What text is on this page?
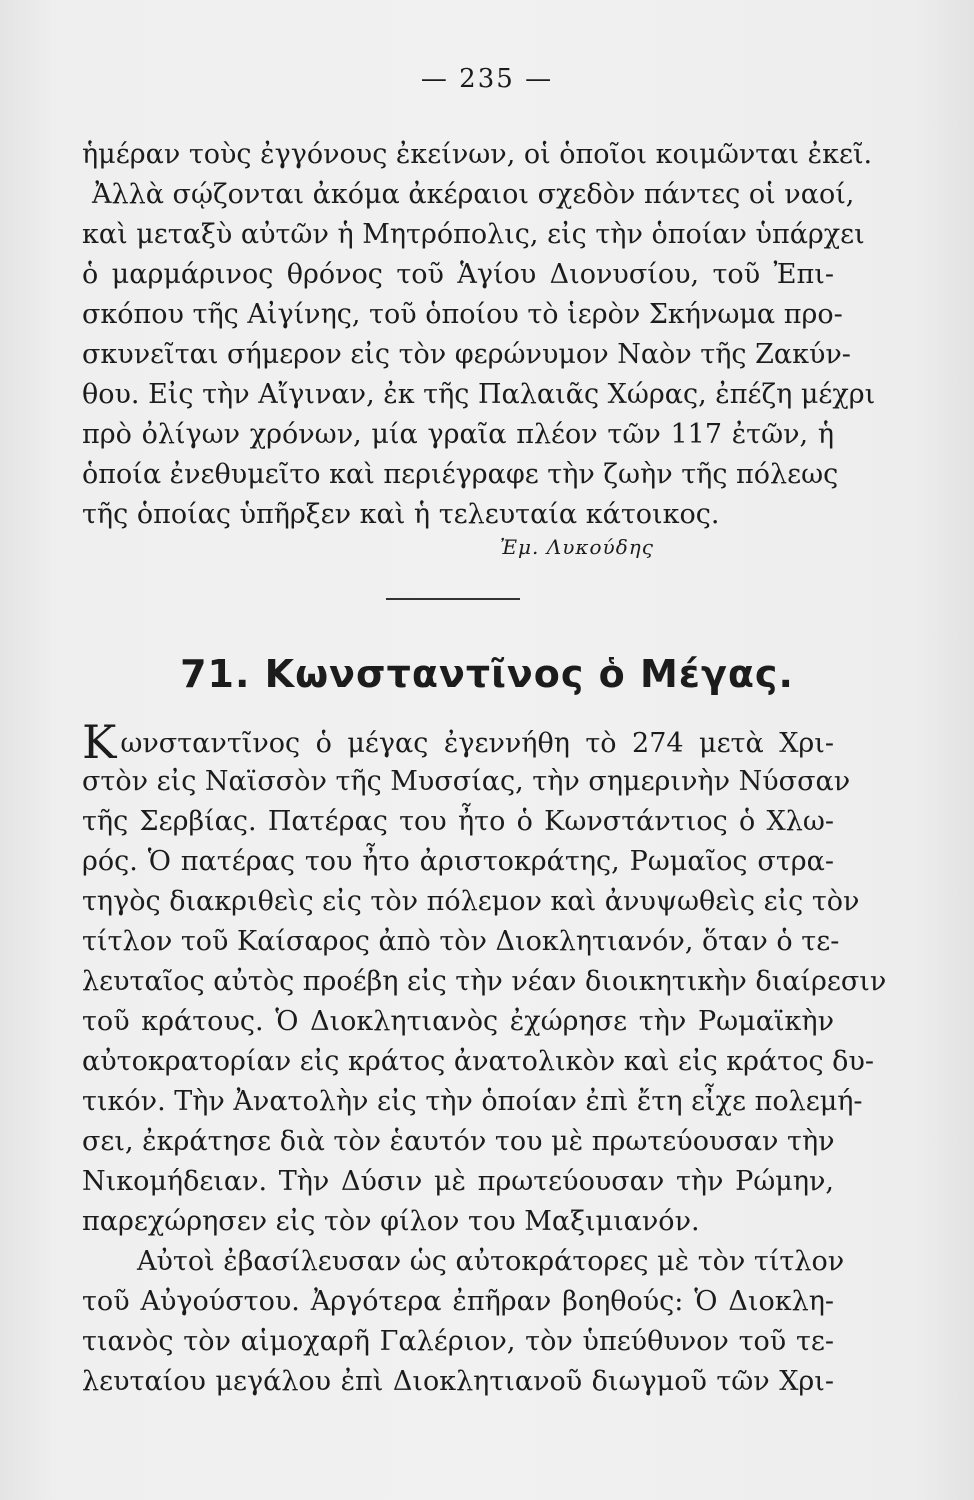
— 235 —
ἡμέραν τοὺς ἐγγόνους ἐκείνων, οἱ ὁποῖοι κοιμῶνται ἐκεῖ.
Ἀλλὰ σῴζονται ἀκόμα ἀκέραιοι σχεδὸν πάντες οἱ ναοί,
καὶ μεταξὺ αὐτῶν ἡ Μητρόπολις, εἰς τὴν ὁποίαν ὑπάρχει
ὁ μαρμάρινος θρόνος τοῦ Ἁγίου Διονυσίου, τοῦ Ἐπι-
σκόπου τῆς Αἰγίνης, τοῦ ὁποίου τὸ ἱερὸν Σκήνωμα προ-
σκυνεῖται σήμερον εἰς τὸν φερώνυμον Ναὸν τῆς Ζακύν-
θου. Εἰς τὴν Αἴγιναν, ἐκ τῆς Παλαιᾶς Χώρας, ἐπέζη μέχρι
πρὸ ὀλίγων χρόνων, μία γραῖα πλέον τῶν 117 ἐτῶν, ἡ
ὁποία ἐνεθυμεῖτο καὶ περιέγραφε τὴν ζωὴν τῆς πόλεως
τῆς ὁποίας ὑπῆρξεν καὶ ἡ τελευταία κάτοικος.
Ἐμ. Λυκούδης
71. Κωνσταντῖνος ὁ Μέγας.
Κωνσταντῖνος ὁ μέγας ἐγεννήθη τὸ 274 μετὰ Χρι-
στὸν εἰς Ναϊσσὸν τῆς Μυσσίας, τὴν σημερινὴν Νύσσαν
τῆς Σερβίας. Πατέρας του ἦτο ὁ Κωνστάντιος ὁ Χλω-
ρός. Ὁ πατέρας του ἦτο ἀριστοκράτης, Ρωμαῖος στρα-
τηγὸς διακριθεὶς εἰς τὸν πόλεμον καὶ ἀνυψωθεὶς εἰς τὸν
τίτλον τοῦ Καίσαρος ἀπὸ τὸν Διοκλητιανόν, ὅταν ὁ τε-
λευταῖος αὐτὸς προέβη εἰς τὴν νέαν διοικητικὴν διαίρεσιν
τοῦ κράτους. Ὁ Διοκλητιανὸς ἐχώρησε τὴν Ρωμαϊκὴν
αὐτοκρατορίαν εἰς κράτος ἀνατολικὸν καὶ εἰς κράτος δυ-
τικόν. Τὴν Ἀνατολὴν εἰς τὴν ὁποίαν ἐπὶ ἔτη εἶχε πολεμή-
σει, ἐκράτησε διὰ τὸν ἑαυτόν του μὲ πρωτεύουσαν τὴν
Νικομήδειαν. Τὴν Δύσιν μὲ πρωτεύουσαν τὴν Ρώμην,
παρεχώρησεν εἰς τὸν φίλον του Μαξιμιανόν.
Αὐτοὶ ἐβασίλευσαν ὡς αὐτοκράτορες μὲ τὸν τίτλον
τοῦ Αὐγούστου. Ἀργότερα ἐπῆραν βοηθούς: Ὁ Διοκλη-
τιανὸς τὸν αἱμοχαρῆ Γαλέριον, τὸν ὑπεύθυνον τοῦ τε-
λευταίου μεγάλου ἐπὶ Διοκλητιανοῦ διωγμοῦ τῶν Χρι-
